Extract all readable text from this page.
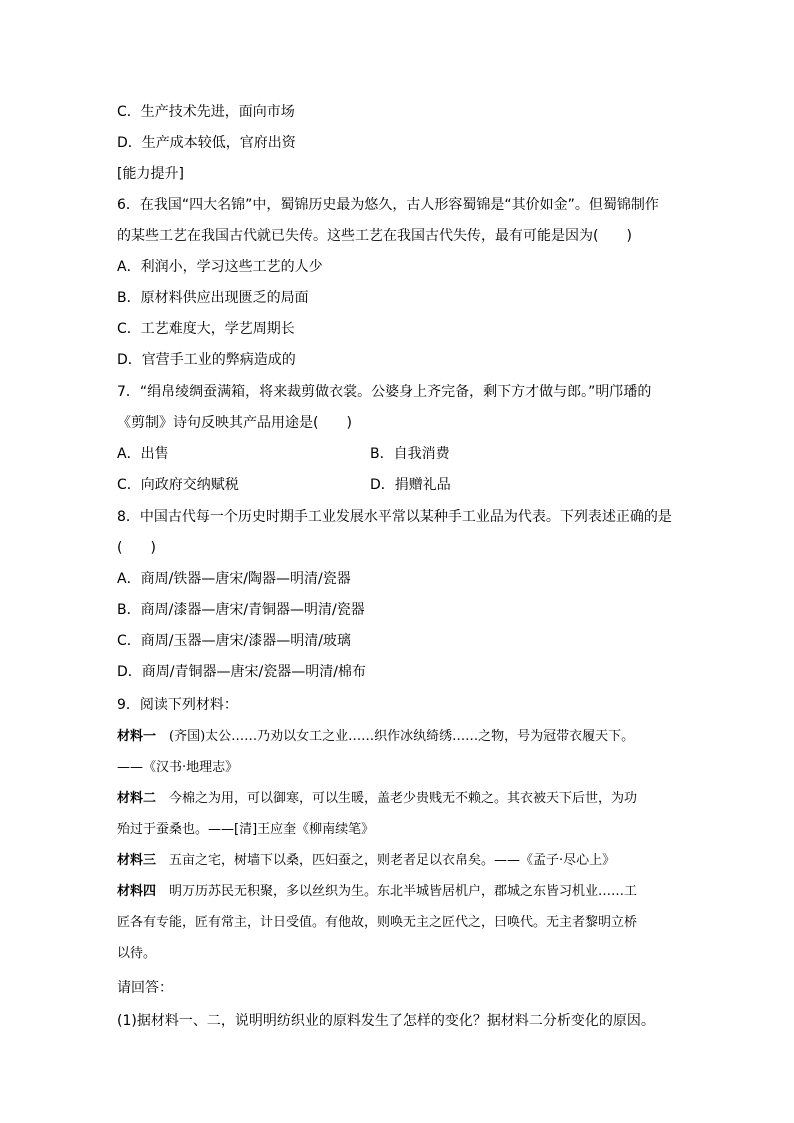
C．生产技术先进，面向市场
D．生产成本较低，官府出资
[能力提升]
6．在我国“四大名锦”中，蜀锦历史最为悠久，古人形容蜀锦是“其价如金”。但蜀锦制作
的某些工艺在我国古代就已失传。这些工艺在我国古代失传，最有可能是因为(　　)
A．利润小，学习这些工艺的人少
B．原材料供应出现匮乏的局面
C．工艺难度大，学艺周期长
D．官营手工业的弊病造成的
7．“绢帛绫绸蚕满箱，将来裁剪做衣裳。公婆身上齐完备，剩下方才做与郎。”明邝璠的
《剪制》诗句反映其产品用途是(　　)
A．出售	B．自我消费
C．向政府交纳赋税	D．捐赠礼品
8．中国古代每一个历史时期手工业发展水平常以某种手工业品为代表。下列表述正确的是
(　　)
A．商周/铁器—唐宋/陶器—明清/瓷器
B．商周/漆器—唐宋/青铜器—明清/瓷器
C．商周/玉器—唐宋/漆器—明清/玻璃
D．商周/青铜器—唐宋/瓷器—明清/棉布
9．阅读下列材料：
材料一　(齐国)太公……乃劝以女工之业……织作冰纨绮绣……之物，号为冠带衣履天下。
——《汉书·地理志》
材料二　今棉之为用，可以御寒，可以生暖，盖老少贵贱无不赖之。其衣被天下后世，为功
殆过于蚕桑也。——[清]王应奎《柳南续笔》
材料三　五亩之宅，树墙下以桑，匹妇蚕之，则老者足以衣帛矣。——《孟子·尽心上》
材料四　明万历苏民无积聚，多以丝织为生。东北半城皆居机户，郡城之东皆习机业……工
匠各有专能，匠有常主，计日受值。有他故，则唤无主之匠代之，曰唤代。无主者黎明立桥
以待。
请回答：
(1)据材料一、二，说明明纺织业的原料发生了怎样的变化？据材料二分析变化的原因。
